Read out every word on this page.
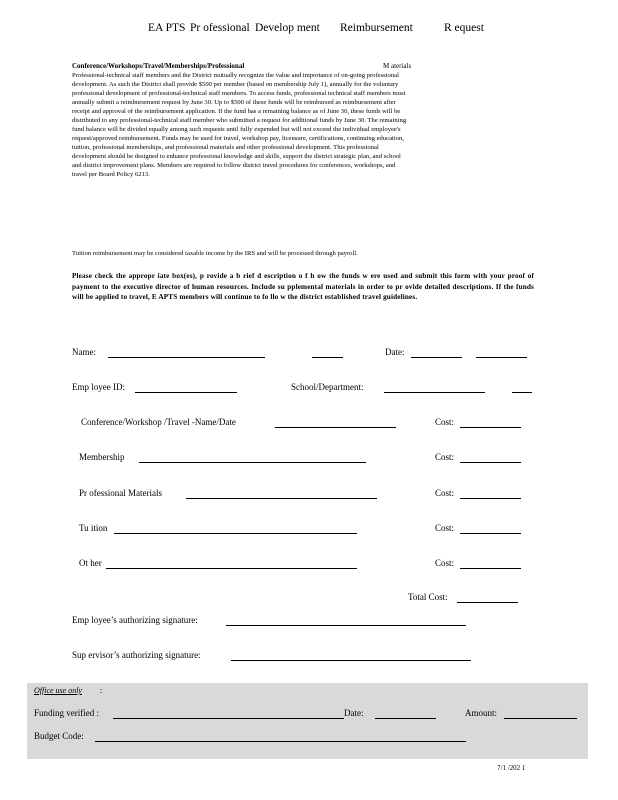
EA PTS Pr ofessional Develop ment Reimbursement	R equest
Conference/Workshops/Travel/Memberships/Professional	M aterials
Professional-technical staff members and the District mutually recognize the value and importance of on-going professional development. As such the District shall provide $500 per member (based on membership July 1), annually for the voluntary professional development of professional-technical staff members. To access funds, professional technical staff members must annually submit a reimbursement request by June 30. Up to $500 of these funds will be reimbursed as reimbursement after receipt and approval of the reimbursement application. If the fund has a remaining balance as of June 30, these funds will be distributed to any professional-technical staff member who submitted a request for additional funds by June 30. The remaining fund balance will be divided equally among such requests until fully expended but will not exceed the individual employee's request/approved reimbursement. Funds may be used for travel, workshop pay, licensure, certifications, continuing education, tuition, professional memberships, and professional materials and other professional development. This professional development should be designed to enhance professional knowledge and skills, support the district strategic plan, and school and district improvement plans. Members are required to follow district travel procedures for conferences, workshops, and travel per Board Policy 6213.
Tuition reimbursement may be considered taxable income by the IRS and will be processed through payroll.
Please check the appropr iate box(es), p rovide a b rief d escription o f h ow the funds w ere used and submit this form with your proof of payment to the executive director of human resources. Include su pplemental materials in order to pr ovide detailed descriptions. If the funds will be applied to travel, E APTS members will continue to fo llo w the district established travel guidelines.
Name:	Date:
Emp loyee ID:	School/Department:
Conference/Workshop /Travel -Name/Date	Cost:
Membership	Cost:
Pr ofessional Materials	Cost:
Tu ition	Cost:
Ot her	Cost:
Total Cost:
Emp loyee’s authorizing signature:
Sup ervisor’s authorizing signature:
Office use only :
Funding verified :	Date:	Amount:
Budget Code:
7/1 /202 1
